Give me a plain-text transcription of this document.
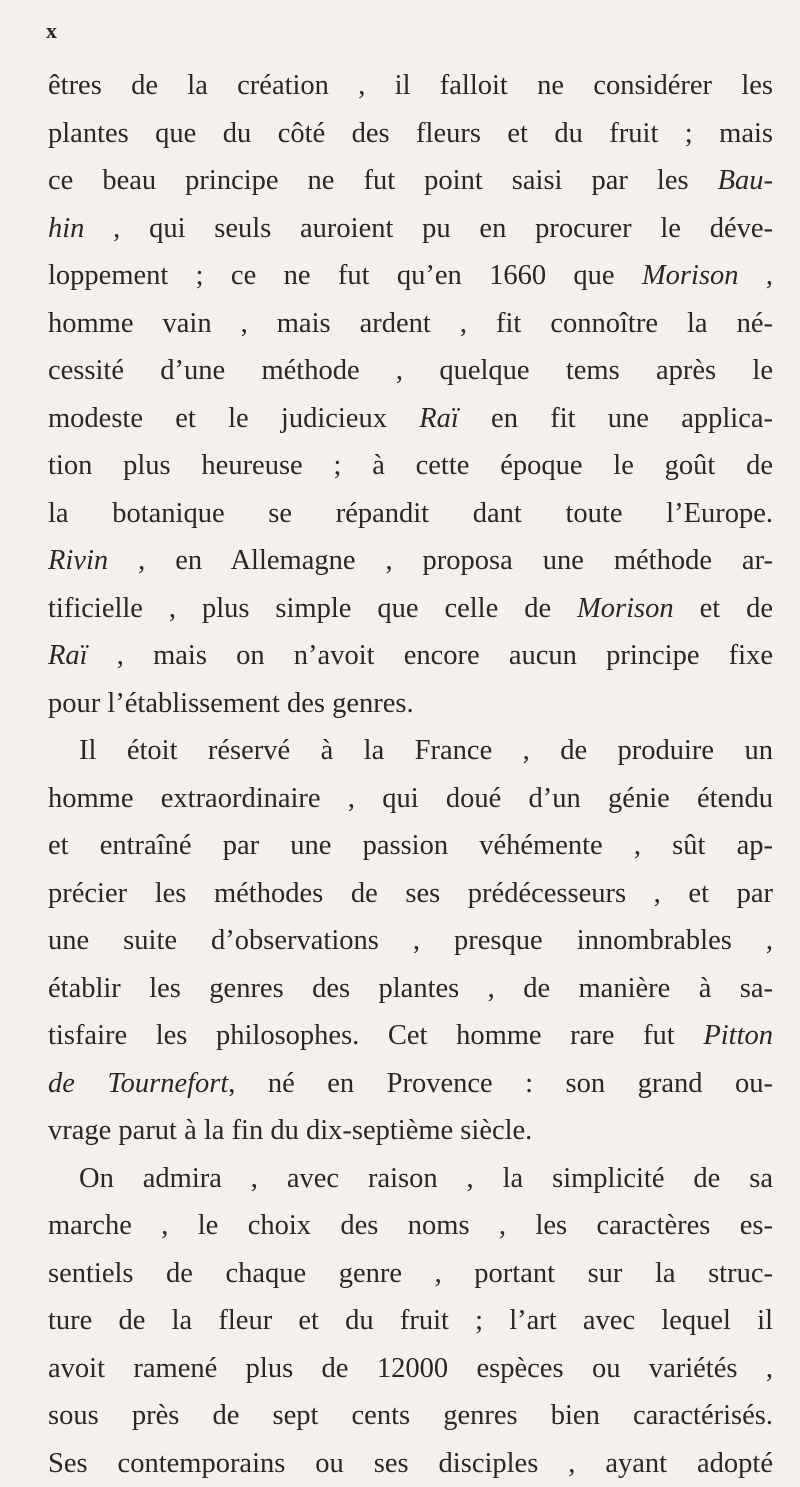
x
êtres de la création , il falloit ne considérer les
plantes que du côté des fleurs et du fruit ; mais
ce beau principe ne fut point saisi par les Bau-
hin , qui seuls auroient pu en procurer le déve-
loppement ; ce ne fut qu’en 1660 que Morison ,
homme vain , mais ardent , fit connoître la né-
cessité d’une méthode , quelque tems après le
modeste et le judicieux Raï en fit une applica-
tion plus heureuse ; à cette époque le goût de
la botanique se répandit dant toute l’Europe.
Rivin , en Allemagne , proposa une méthode ar-
tificielle , plus simple que celle de Morison et de
Raï , mais on n’avoit encore aucun principe fixe
pour l’établissement des genres.
Il étoit réservé à la France , de produire un
homme extraordinaire , qui doué d’un génie étendu
et entraîné par une passion véhémente , sût ap-
précier les méthodes de ses prédécesseurs , et par
une suite d’observations , presque innombrables ,
établir les genres des plantes , de manière à sa-
tisfaire les philosophes. Cet homme rare fut Pitton
de Tournefort, né en Provence : son grand ou-
vrage parut à la fin du dix-septième siècle.
On admira , avec raison , la simplicité de sa
marche , le choix des noms , les caractères es-
sentiels de chaque genre , portant sur la struc-
ture de la fleur et du fruit ; l’art avec lequel il
avoit ramené plus de 12000 espèces ou variétés ,
sous près de sept cents genres bien caractérisés.
Ses contemporains ou ses disciples , ayant adopté
